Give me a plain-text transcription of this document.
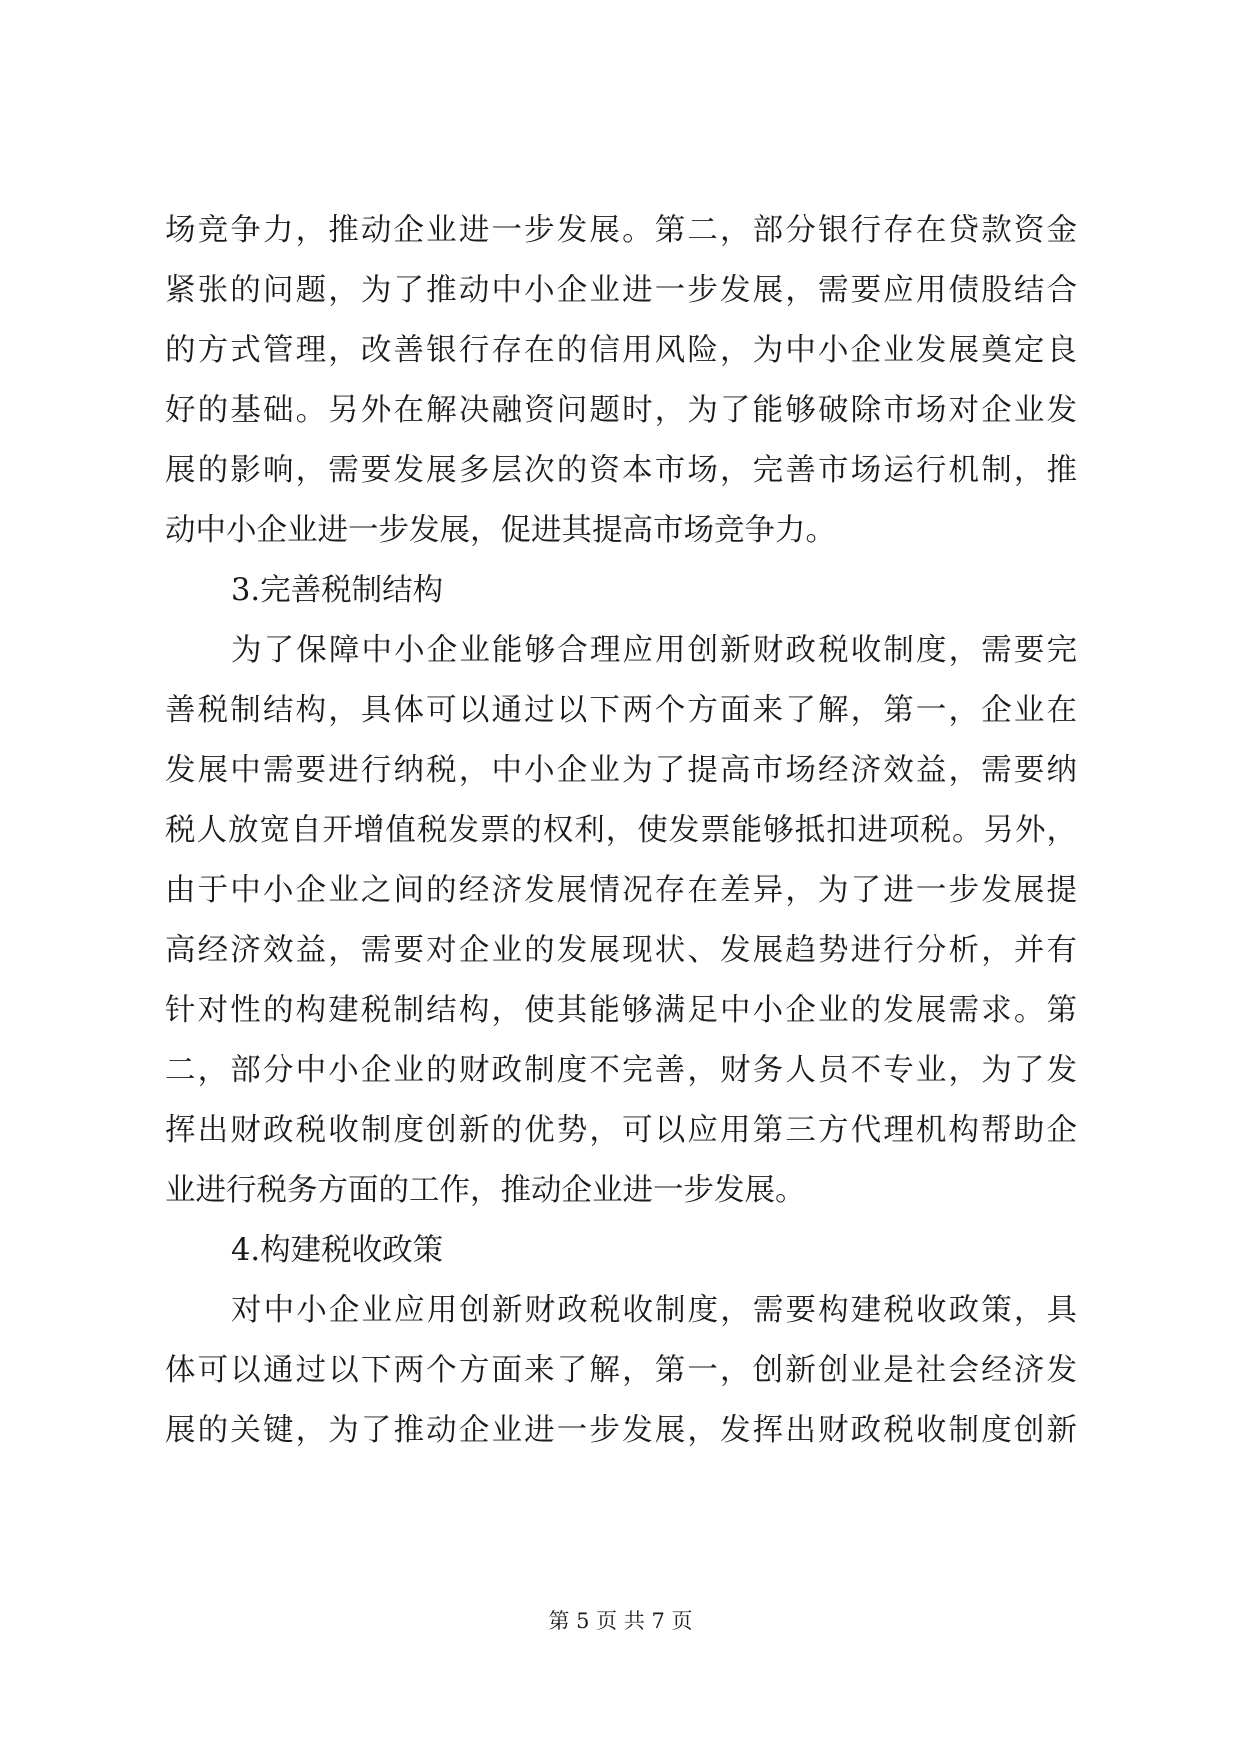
场竞争力，推动企业进一步发展。第二，部分银行存在贷款资金
紧张的问题，为了推动中小企业进一步发展，需要应用债股结合
的方式管理，改善银行存在的信用风险，为中小企业发展奠定良
好的基础。另外在解决融资问题时，为了能够破除市场对企业发
展的影响，需要发展多层次的资本市场，完善市场运行机制，推
动中小企业进一步发展，促进其提高市场竞争力。
3.完善税制结构
为了保障中小企业能够合理应用创新财政税收制度，需要完
善税制结构，具体可以通过以下两个方面来了解，第一，企业在
发展中需要进行纳税，中小企业为了提高市场经济效益，需要纳
税人放宽自开增值税发票的权利，使发票能够抵扣进项税。另外，
由于中小企业之间的经济发展情况存在差异，为了进一步发展提
高经济效益，需要对企业的发展现状、发展趋势进行分析，并有
针对性的构建税制结构，使其能够满足中小企业的发展需求。第
二，部分中小企业的财政制度不完善，财务人员不专业，为了发
挥出财政税收制度创新的优势，可以应用第三方代理机构帮助企
业进行税务方面的工作，推动企业进一步发展。
4.构建税收政策
对中小企业应用创新财政税收制度，需要构建税收政策，具
体可以通过以下两个方面来了解，第一，创新创业是社会经济发
展的关键，为了推动企业进一步发展，发挥出财政税收制度创新
第 5 页 共 7 页
